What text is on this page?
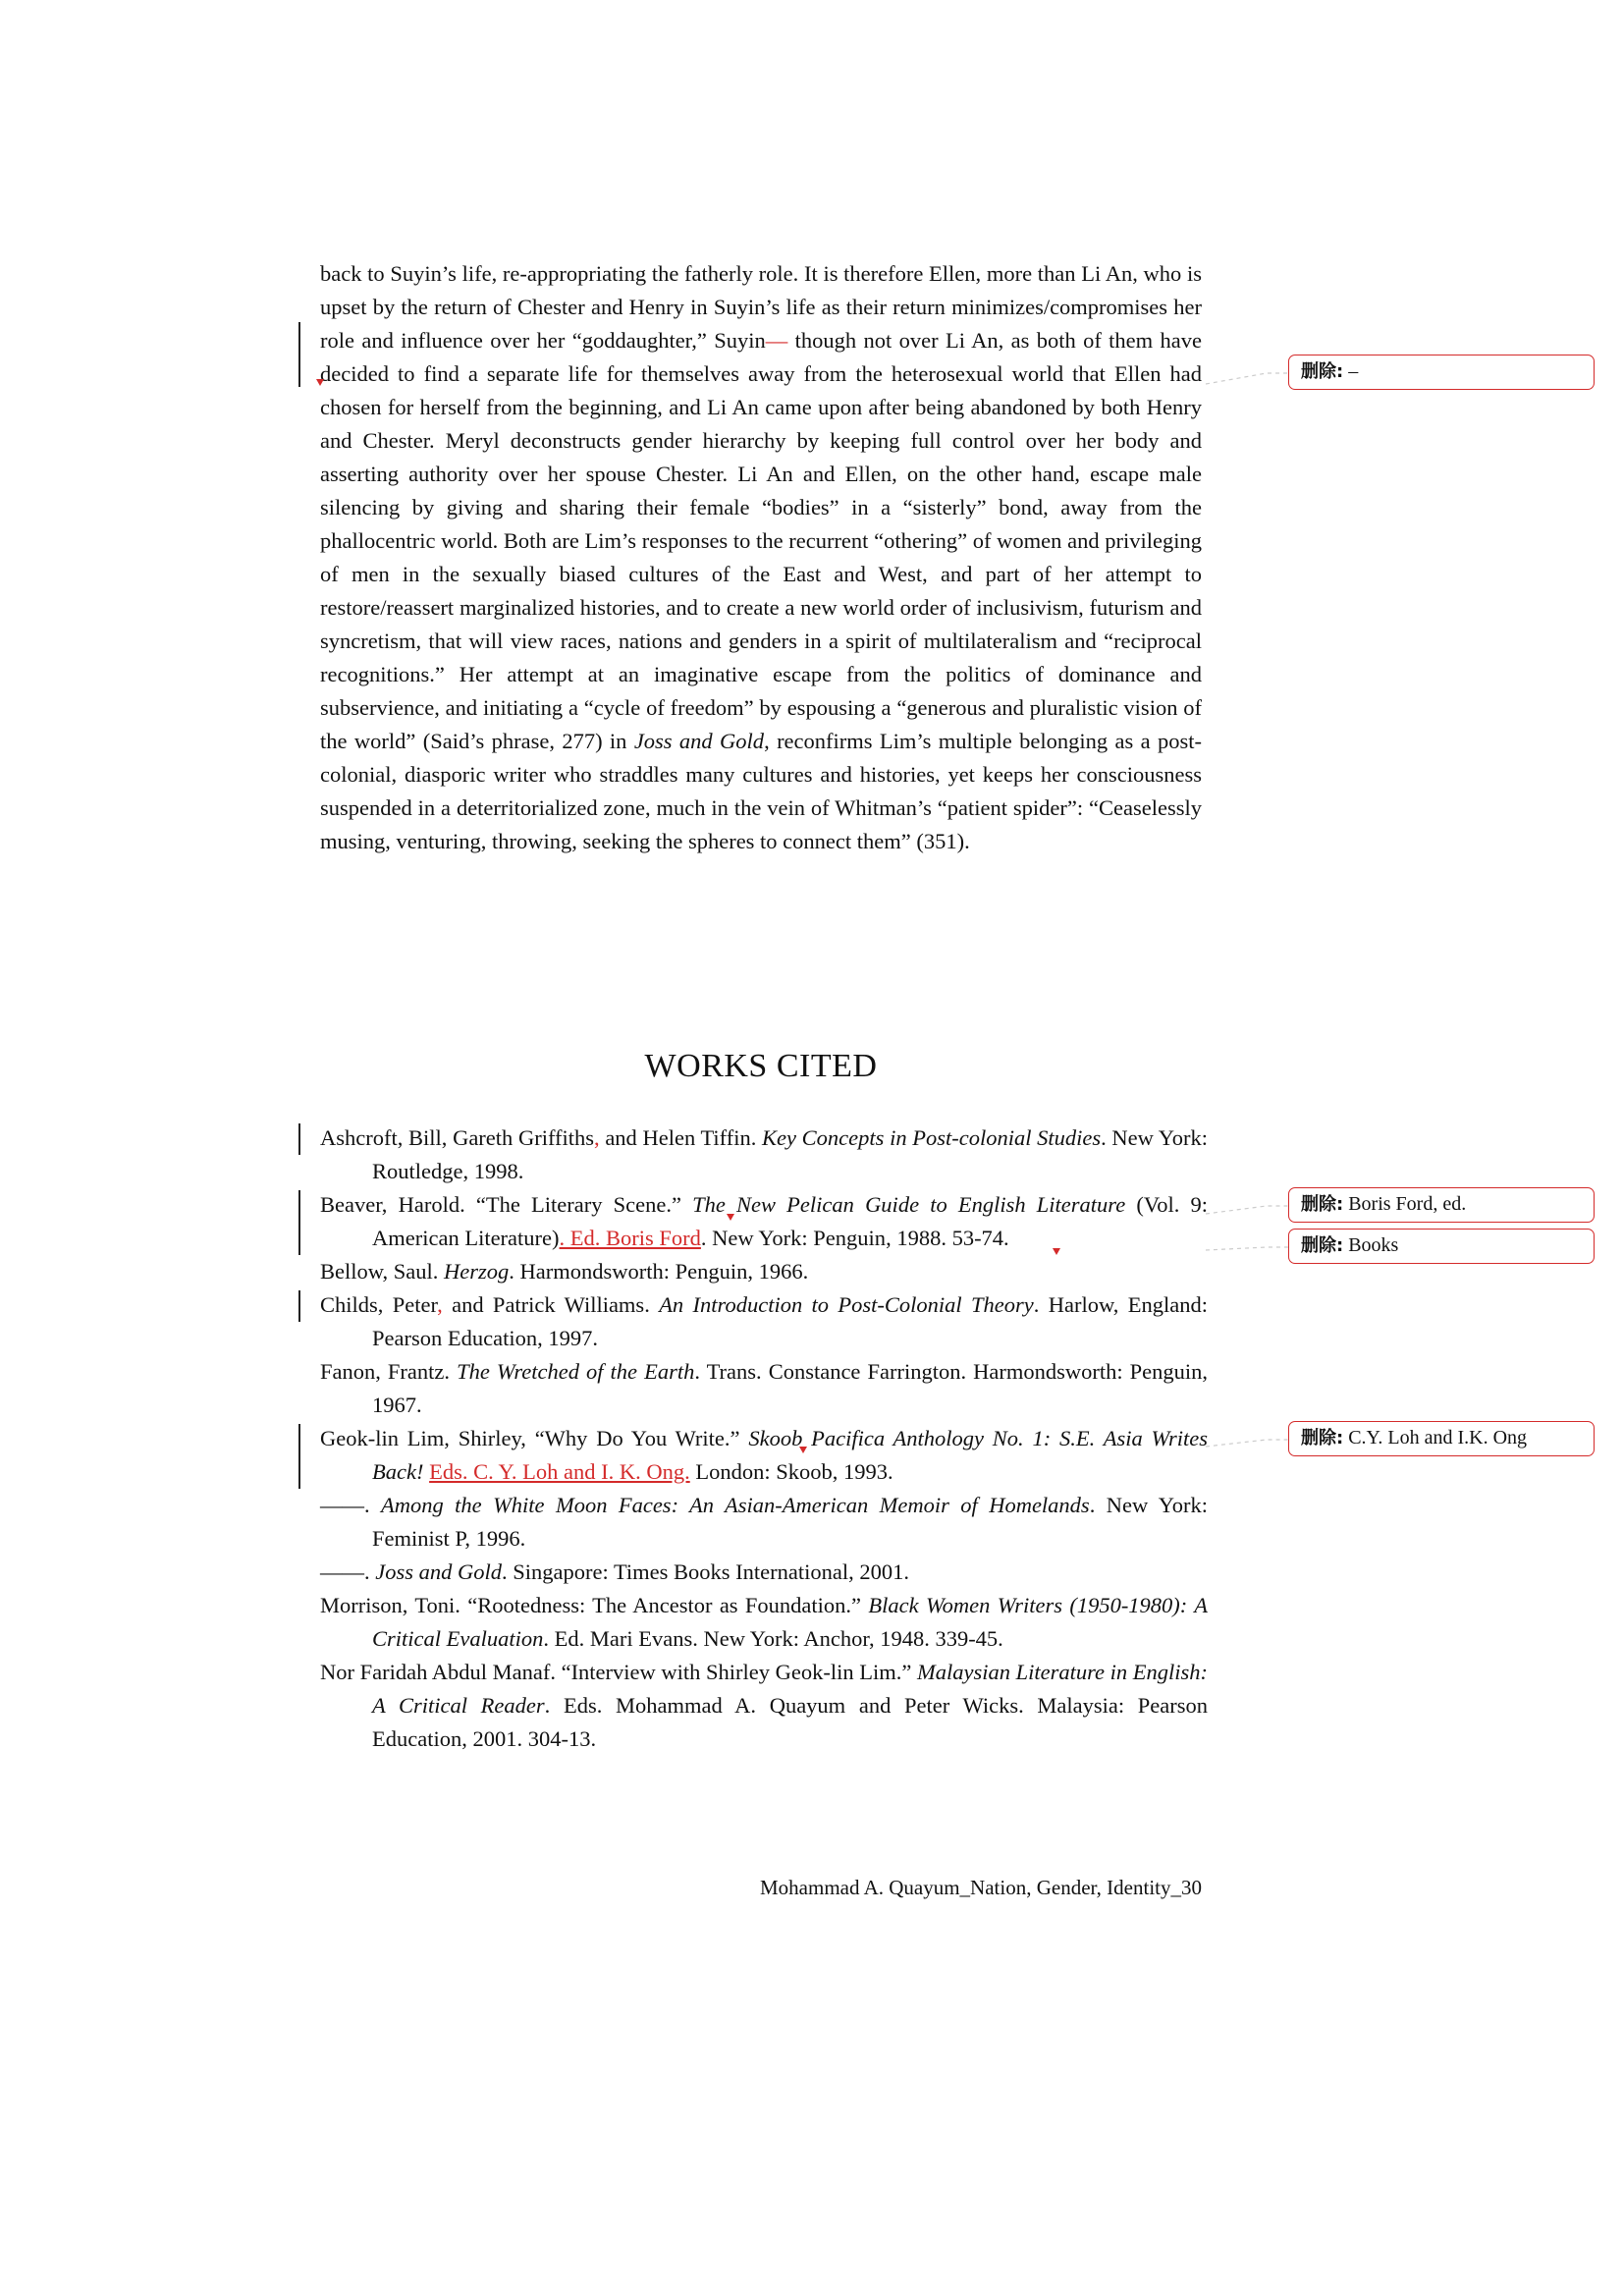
back to Suyin’s life, re-appropriating the fatherly role. It is therefore Ellen, more than Li An, who is upset by the return of Chester and Henry in Suyin’s life as their return minimizes/compromises her role and influence over her “goddaughter,” Suyin— though not over Li An, as both of them have decided to find a separate life for themselves away from the heterosexual world that Ellen had chosen for herself from the beginning, and Li An came upon after being abandoned by both Henry and Chester. Meryl deconstructs gender hierarchy by keeping full control over her body and asserting authority over her spouse Chester. Li An and Ellen, on the other hand, escape male silencing by giving and sharing their female “bodies” in a “sisterly” bond, away from the phallocentric world. Both are Lim’s responses to the recurrent “othering” of women and privileging of men in the sexually biased cultures of the East and West, and part of her attempt to restore/reassert marginalized histories, and to create a new world order of inclusivism, futurism and syncretism, that will view races, nations and genders in a spirit of multilateralism and “reciprocal recognitions.” Her attempt at an imaginative escape from the politics of dominance and subservience, and initiating a “cycle of freedom” by espousing a “generous and pluralistic vision of the world” (Said’s phrase, 277) in Joss and Gold, reconfirms Lim’s multiple belonging as a post-colonial, diasporic writer who straddles many cultures and histories, yet keeps her consciousness suspended in a deterritorialized zone, much in the vein of Whitman’s “patient spider”: “Ceaselessly musing, venturing, throwing, seeking the spheres to connect them” (351).

WORKS CITED

Ashcroft, Bill, Gareth Griffiths, and Helen Tiffin. Key Concepts in Post-colonial Studies. New York: Routledge, 1998.

Beaver, Harold. “The Literary Scene.” The New Pelican Guide to English Literature (Vol. 9: American Literature). Ed. Boris Ford. New York: Penguin, 1988. 53-74.

Bellow, Saul. Herzog. Harmondsworth: Penguin, 1966.

Childs, Peter, and Patrick Williams. An Introduction to Post-Colonial Theory. Harlow, England: Pearson Education, 1997.

Fanon, Frantz. The Wretched of the Earth. Trans. Constance Farrington. Harmondsworth: Penguin, 1967.

Geok-lin Lim, Shirley, “Why Do You Write.” Skoob Pacifica Anthology No. 1: S.E. Asia Writes Back! Eds. C. Y. Loh and I. K. Ong. London: Skoob, 1993.

——. Among the White Moon Faces: An Asian-American Memoir of Homelands. New York: Feminist P, 1996.

——. Joss and Gold. Singapore: Times Books International, 2001.

Morrison, Toni. “Rootedness: The Ancestor as Foundation.” Black Women Writers (1950-1980): A Critical Evaluation. Ed. Mari Evans. New York: Anchor, 1948. 339-45.

Nor Faridah Abdul Manaf. “Interview with Shirley Geok-lin Lim.” Malaysian Literature in English: A Critical Reader. Eds. Mohammad A. Quayum and Peter Wicks. Malaysia: Pearson Education, 2001. 304-13.

删除: –
删除: Boris Ford, ed.
删除: Books
删除: C.Y. Loh and I.K. Ong
Mohammad A. Quayum_Nation, Gender, Identity_30
